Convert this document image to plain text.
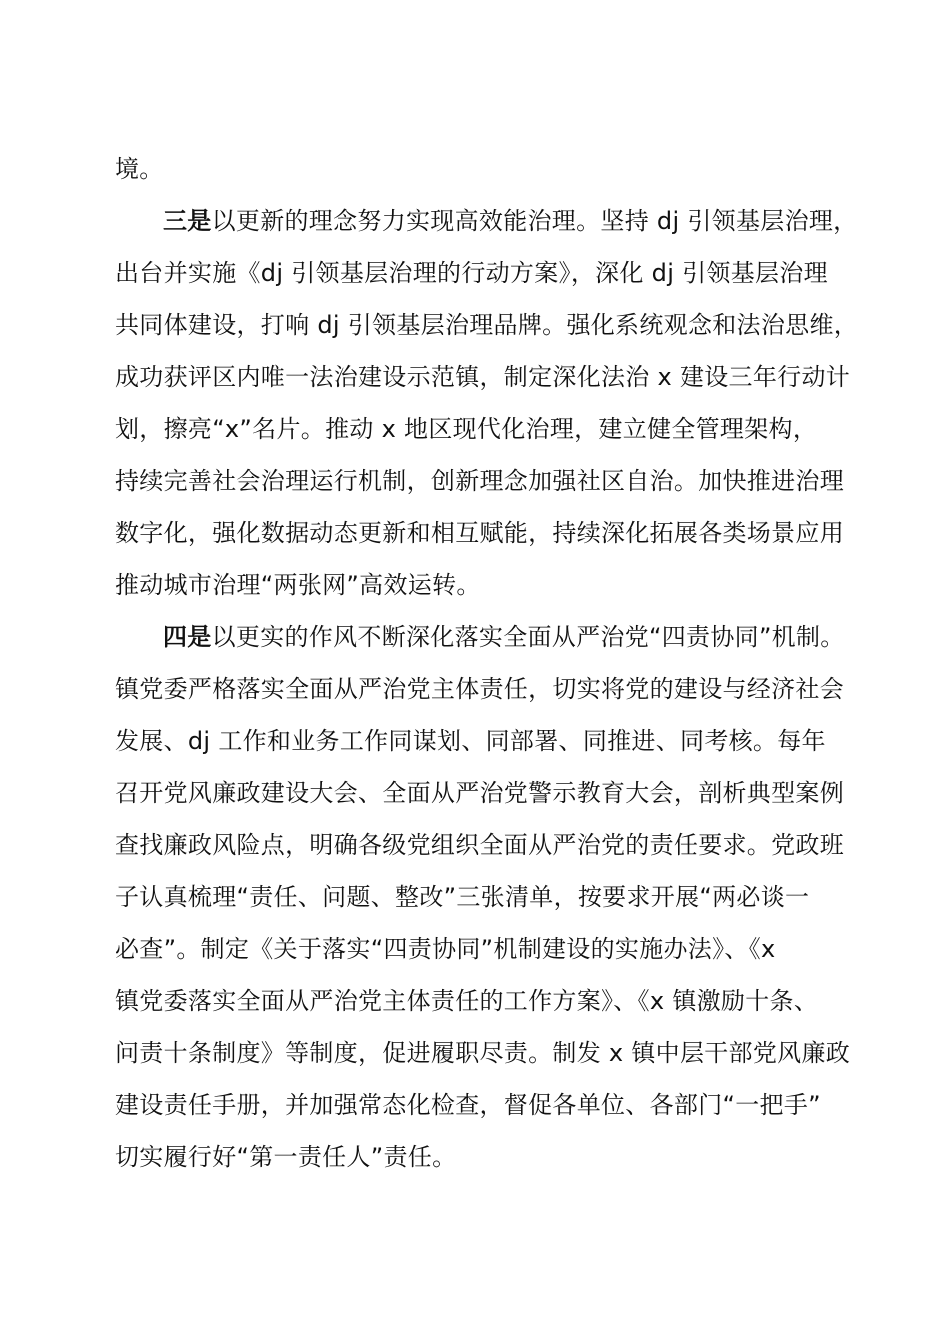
境。
三是以更新的理念努力实现高效能治理。坚持 dj 引领基层治理，
出台并实施《dj 引领基层治理的行动方案》，深化 dj 引领基层治理
共同体建设，打响 dj 引领基层治理品牌。强化系统观念和法治思维，
成功获评区内唯一法治建设示范镇，制定深化法治 x 建设三年行动计
划，擦亮“x”名片。推动 x 地区现代化治理，建立健全管理架构，
持续完善社会治理运行机制，创新理念加强社区自治。加快推进治理
数字化，强化数据动态更新和相互赋能，持续深化拓展各类场景应用
推动城市治理“两张网”高效运转。
四是以更实的作风不断深化落实全面从严治党“四责协同”机制。
镇党委严格落实全面从严治党主体责任，切实将党的建设与经济社会
发展、dj 工作和业务工作同谋划、同部署、同推进、同考核。每年
召开党风廉政建设大会、全面从严治党警示教育大会，剖析典型案例
查找廉政风险点，明确各级党组织全面从严治党的责任要求。党政班
子认真梳理“责任、问题、整改”三张清单，按要求开展“两必谈一
必查”。制定《关于落实“四责协同”机制建设的实施办法》、《x
镇党委落实全面从严治党主体责任的工作方案》、《x 镇激励十条、
问责十条制度》等制度，促进履职尽责。制发 x 镇中层干部党风廉政
建设责任手册，并加强常态化检查，督促各单位、各部门“一把手”
切实履行好“第一责任人”责任。
